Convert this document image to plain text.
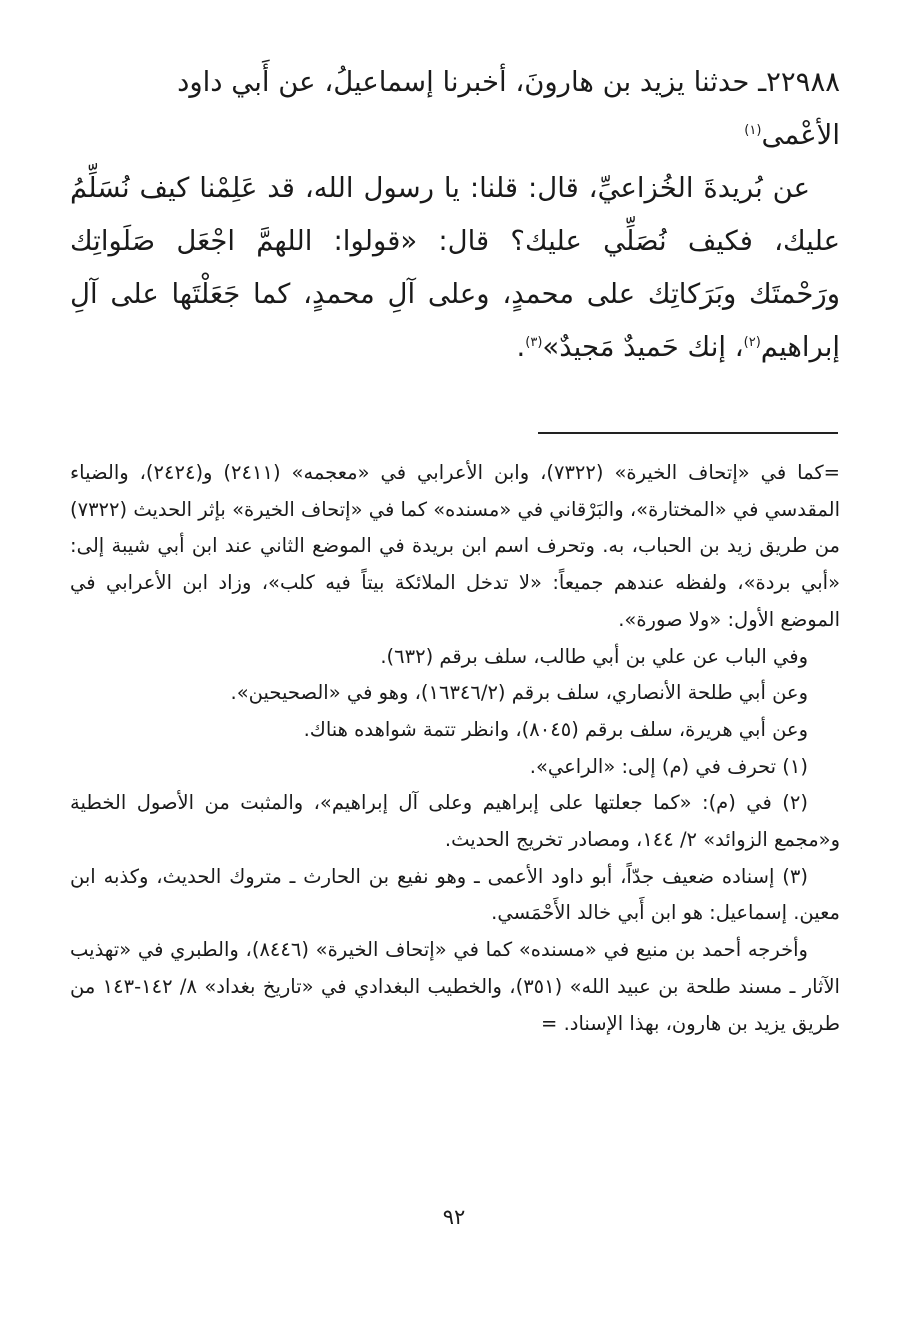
٢٢٩٨٨ـ حدثنا يزيد بن هارونَ، أخبرنا إسماعيلُ، عن أَبي داود
الأعْمى$^{(١)}$

عن بُريدةَ الخُزاعيِّ، قال: قلنا: يا رسول الله، قد عَلِمْنا كيف نُسَلِّمُ عليك، فكيف نُصَلِّي عليك؟ قال: «قولوا: اللهمَّ اجْعَل صَلَواتِك ورَحْمتَك وبَرَكاتِك على محمدٍ، وعلى آلِ محمدٍ، كما جَعَلْتَها على آلِ إبراهيم$^{(٢)}$، إنك حَميدٌ مَجيدٌ»$^{(٣)}$.

=كما في «إتحاف الخيرة» (٧٣٢٢)، وابن الأعرابي في «معجمه» (٢٤١١) و(٢٤٢٤)، والضياء المقدسي في «المختارة»، والبَرْقاني في «مسنده» كما في «إتحاف الخيرة» بإثر الحديث (٧٣٢٢) من طريق زيد بن الحباب، به. وتحرف اسم ابن بريدة في الموضع الثاني عند ابن أبي شيبة إلى: «أبي بردة»، ولفظه عندهم جميعاً: «لا تدخل الملائكة بيتاً فيه كلب»، وزاد ابن الأعرابي في الموضع الأول: «ولا صورة».

وفي الباب عن علي بن أبي طالب، سلف برقم (٦٣٢).

وعن أبي طلحة الأنصاري، سلف برقم (١٦٣٤٦/٢)، وهو في «الصحيحين».

وعن أبي هريرة، سلف برقم (٨٠٤٥)، وانظر تتمة شواهده هناك.

(١) تحرف في (م) إلى: «الراعي».

(٢) في (م): «كما جعلتها على إبراهيم وعلى آل إبراهيم»، والمثبت من الأصول الخطية و«مجمع الزوائد» ٢/ ١٤٤، ومصادر تخريج الحديث.

(٣) إسناده ضعيف جدّاً، أبو داود الأعمى ـ وهو نفيع بن الحارث ـ متروك الحديث، وكذبه ابن معين. إسماعيل: هو ابن أَبي خالد الأَحْمَسي.

وأخرجه أحمد بن منيع في «مسنده» كما في «إتحاف الخيرة» (٨٤٤٦)، والطبري في «تهذيب الآثار ـ مسند طلحة بن عبيد الله» (٣٥١)، والخطيب البغدادي في «تاريخ بغداد» ٨/ ١٤٢-١٤٣ من طريق يزيد بن هارون، بهذا الإسناد. =

٩٢
